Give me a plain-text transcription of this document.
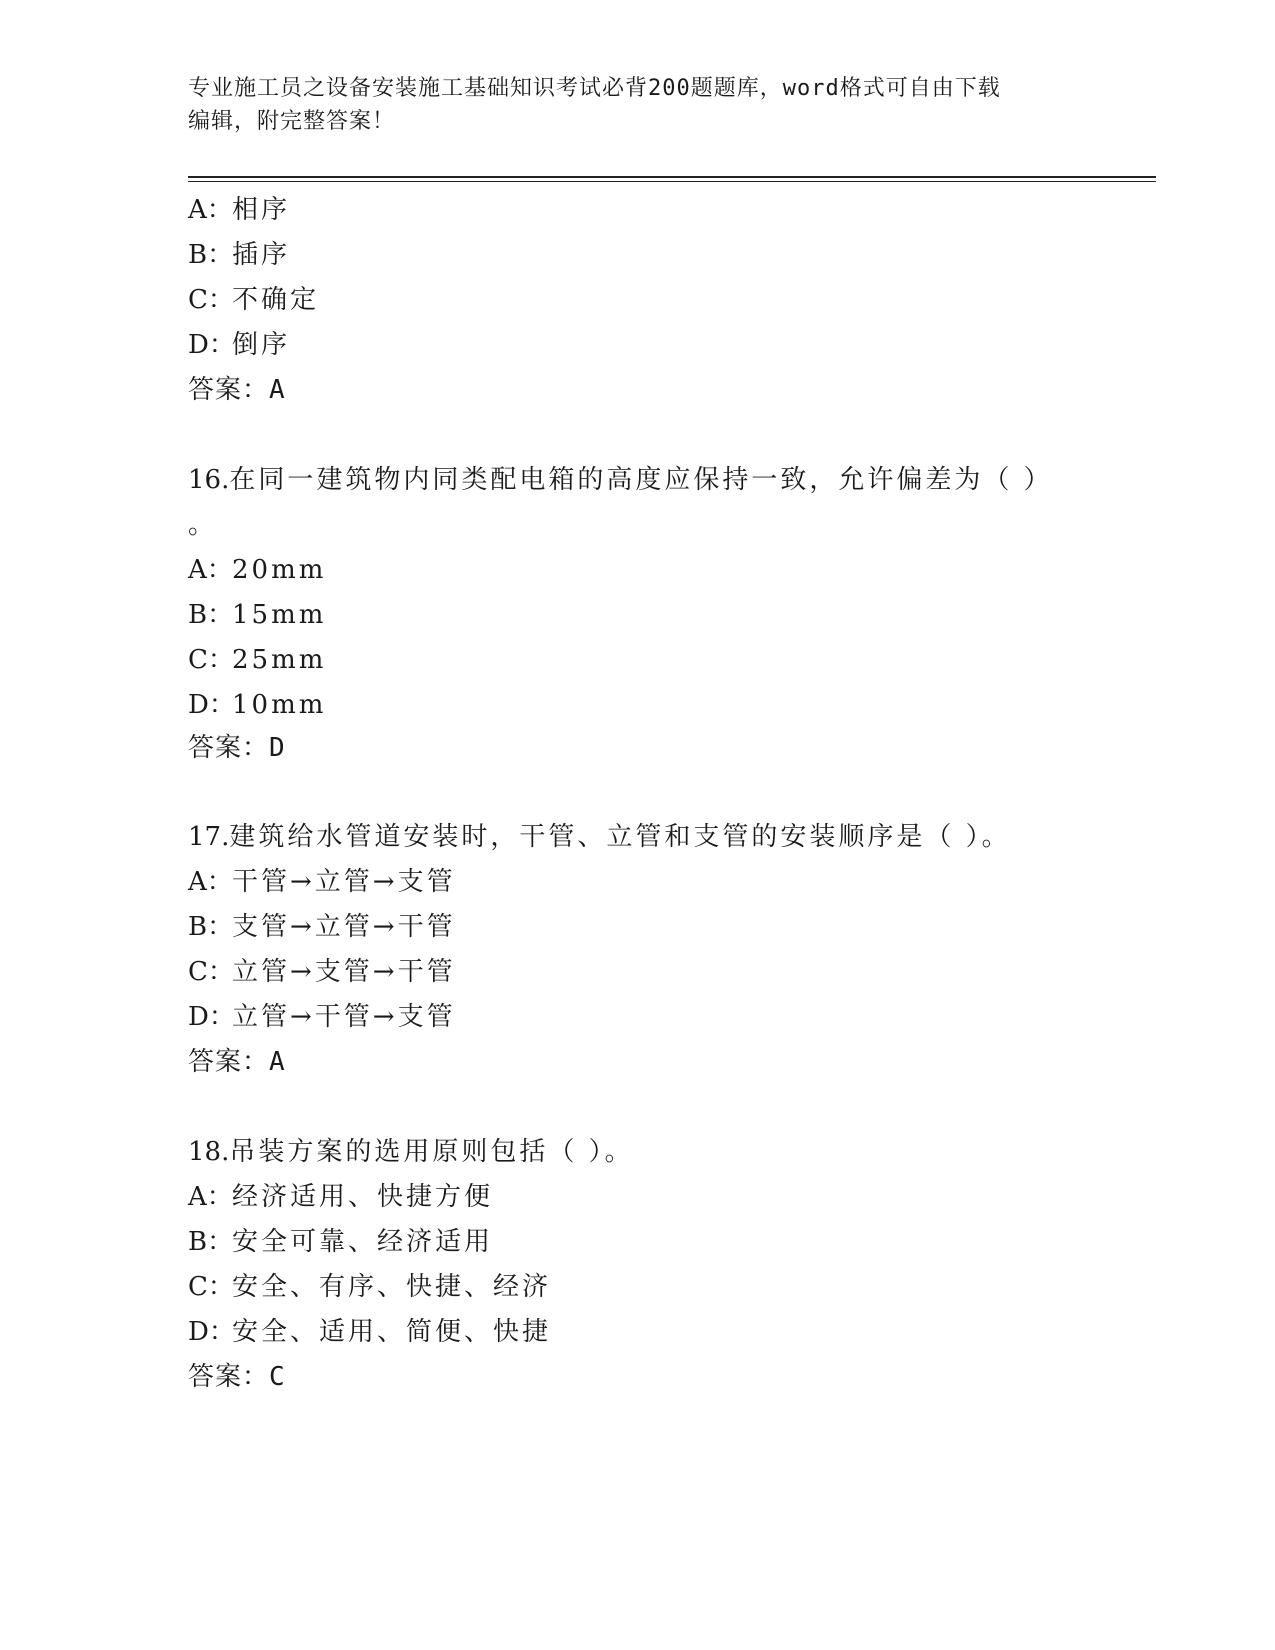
专业施工员之设备安装施工基础知识考试必背200题题库，word格式可自由下载
编辑，附完整答案！
A：相序
B：插序
C：不确定
D：倒序
答案：A
16.在同一建筑物内同类配电箱的高度应保持一致，允许偏差为（ ）
。
A：20mm
B：15mm
C：25mm
D：10mm
答案：D
17.建筑给水管道安装时，干管、立管和支管的安装顺序是（ ）。
A：干管→立管→支管
B：支管→立管→干管
C：立管→支管→干管
D：立管→干管→支管
答案：A
18.吊装方案的选用原则包括（ ）。
A：经济适用、快捷方便
B：安全可靠、经济适用
C：安全、有序、快捷、经济
D：安全、适用、简便、快捷
答案：C
